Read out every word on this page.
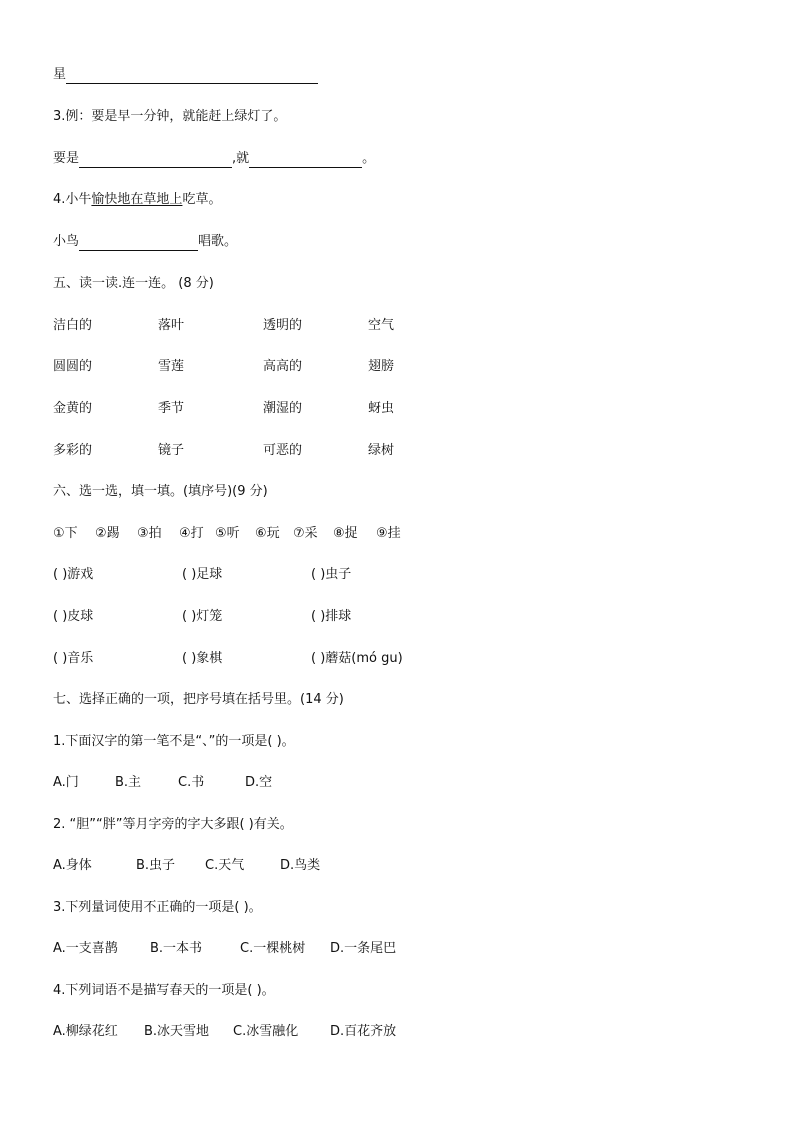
星
3.例：要是早一分钟，就能赶上绿灯了。
要是	,就	。
4.小牛愉快地在草地上吃草。
小鸟	唱歌。
五、读一读.连一连。 (8 分)
洁白的	落叶	透明的	空气
圆圆的	雪莲	高高的	翅膀
金黄的	季节	潮湿的	蚜虫
多彩的	镜子	可恶的	绿树
六、选一选，填一填。(填序号)(9 分)
①下 ②踢 ③拍 ④打 ⑤听 ⑥玩 ⑦采 ⑧捉 ⑨挂
( )游戏	( )足球	( )虫子
( )皮球	( )灯笼	( )排球
( )音乐	( )象棋	( )蘑菇(mó gu)
七、选择正确的一项，把序号填在括号里。(14 分)
1.下面汉字的第一笔不是“、”的一项是( )。
A.门	B.主	C.书	D.空
2. “胆”“胖”等月字旁的字大多跟( )有关。
A.身体	B.虫子 C.天气	D.鸟类
3.下列量词使用不正确的一项是( )。
A.一支喜鹊 B.一本书	C.一棵桃树 D.一条尾巴
4.下列词语不是描写春天的一项是( )。
A.柳绿花红 B.冰天雪地 C.冰雪融化 D.百花齐放
